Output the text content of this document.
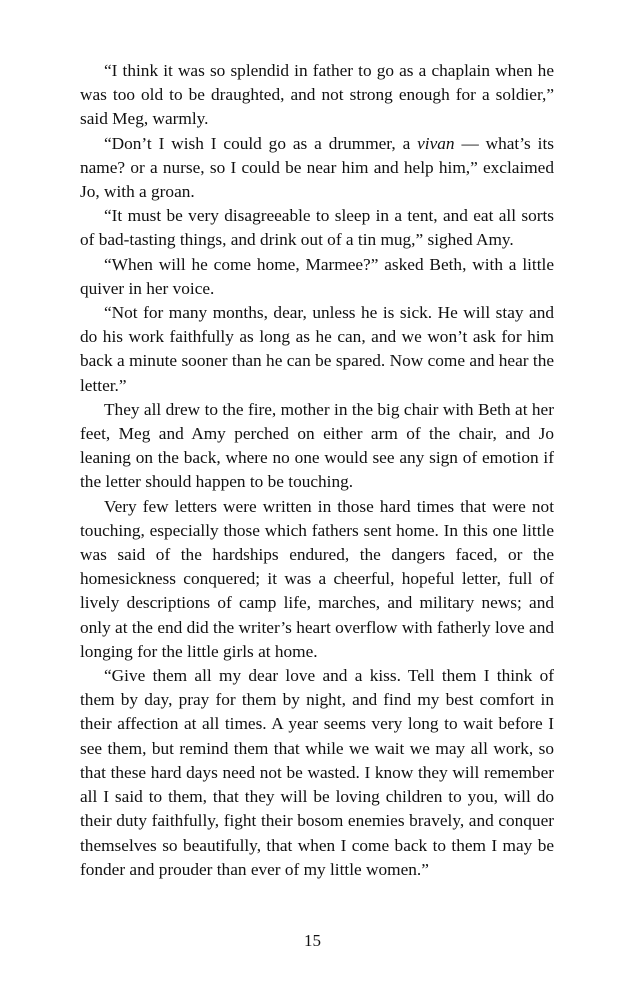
“I think it was so splendid in father to go as a chaplain when he was too old to be draughted, and not strong enough for a soldier,” said Meg, warmly.

“Don’t I wish I could go as a drummer, a vivan — what’s its name? or a nurse, so I could be near him and help him,” exclaimed Jo, with a groan.

“It must be very disagreeable to sleep in a tent, and eat all sorts of bad-tasting things, and drink out of a tin mug,” sighed Amy.

“When will he come home, Marmee?” asked Beth, with a little quiver in her voice.

“Not for many months, dear, unless he is sick. He will stay and do his work faithfully as long as he can, and we won’t ask for him back a minute sooner than he can be spared. Now come and hear the letter.”

They all drew to the fire, mother in the big chair with Beth at her feet, Meg and Amy perched on either arm of the chair, and Jo leaning on the back, where no one would see any sign of emotion if the letter should happen to be touching.

Very few letters were written in those hard times that were not touching, especially those which fathers sent home. In this one little was said of the hardships endured, the dangers faced, or the homesickness conquered; it was a cheerful, hopeful letter, full of lively descriptions of camp life, marches, and military news; and only at the end did the writer’s heart overflow with fatherly love and longing for the little girls at home.

“Give them all my dear love and a kiss. Tell them I think of them by day, pray for them by night, and find my best comfort in their affection at all times. A year seems very long to wait before I see them, but remind them that while we wait we may all work, so that these hard days need not be wasted. I know they will remember all I said to them, that they will be loving children to you, will do their duty faithfully, fight their bosom enemies bravely, and conquer themselves so beautifully, that when I come back to them I may be fonder and prouder than ever of my little women.”

15
